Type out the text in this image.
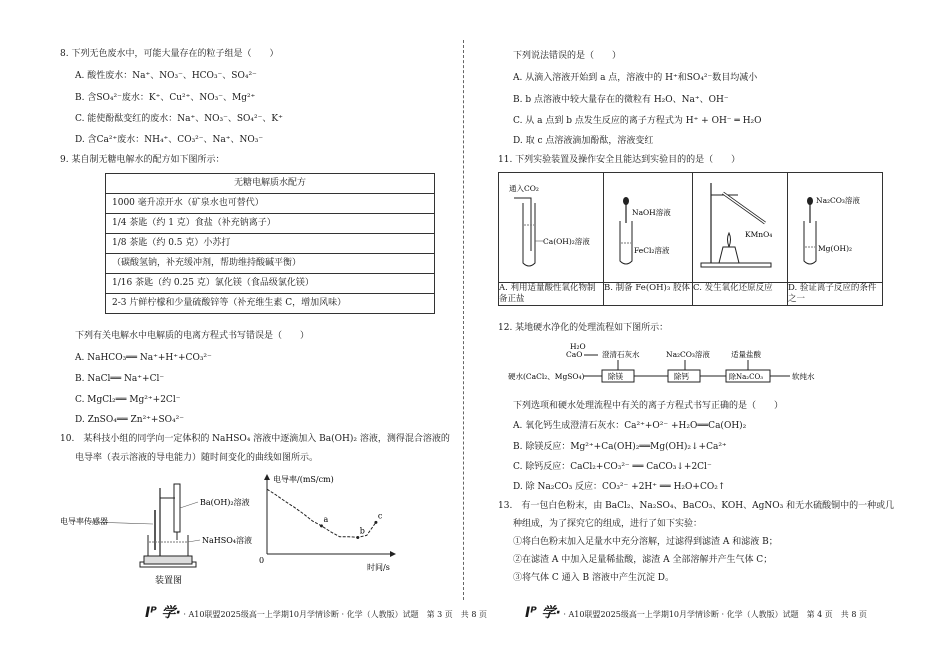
8. 下列无色废水中，可能大量存在的粒子组是（　　）
A. 酸性废水：Na⁺、NO₃⁻、HCO₃⁻、SO₄²⁻
B. 含SO₄²⁻废水：K⁺、Cu²⁺、NO₃⁻、Mg²⁺
C. 能使酚酞变红的废水：Na⁺、NO₃⁻、SO₄²⁻、K⁺
D. 含Ca²⁺废水：NH₄⁺、CO₃²⁻、Na⁺、NO₃⁻
9. 某自制无糖电解水的配方如下图所示：
无糖电解质水配方
1000 毫升凉开水（矿泉水也可替代）
1/4 茶匙（约 1 克）食盐（补充钠离子）
1/8 茶匙（约 0.5 克）小苏打
（碳酸氢钠，补充缓冲剂，帮助维持酸碱平衡）
1/16 茶匙（约 0.25 克）氯化镁（食品级氯化镁）
2-3 片鲜柠檬和少量硫酸锌等（补充维生素 C，增加风味）
下列有关电解水中电解质的电离方程式书写错误是（　　）
A. NaHCO₃══ Na⁺+H⁺+CO₃²⁻
B. NaCl══ Na⁺+Cl⁻
C. MgCl₂══ Mg²⁺+2Cl⁻
D. ZnSO₄══ Zn²⁺+SO₄²⁻
10.　某科技小组的同学向一定体积的 NaHSO₄ 溶液中逐滴加入 Ba(OH)₂ 溶液，测得混合溶液的
电导率（表示溶液的导电能力）随时间变化的曲线如图所示。
Ba(OH)₂溶液
电导率传感器
NaHSO₄溶液
装置图
电导率/(mS/cm)
时间/s
0
a
b
c
Iᴾ 学· · A10联盟2025级高一上学期10月学情诊断 · 化学（人教版）试题　第 3 页　共 8 页
下列说法错误的是（　　）
A. 从滴入溶液开始到 a 点，溶液中的 H⁺和SO₄²⁻数目均减小
B. b 点溶液中较大量存在的微粒有 H₂O、Na⁺、OH⁻
C. 从 a 点到 b 点发生反应的离子方程式为 H⁺ + OH⁻ ═ H₂O
D. 取 c 点溶液滴加酚酞，溶液变红
11. 下列实验装置及操作安全且能达到实验目的的是（　　）
通入CO₂
Ca(OH)₂溶液	NaOH溶液
FeCl₂溶液	KMnO₄	Na₂CO₃溶液
Mg(OH)₂

A. 利用适量酸性氧化物制备正盐	B. 制备 Fe(OH)₃ 胶体	C. 发生氧化还原反应	D. 验证离子反应的条件之一
12. 某地硬水净化的处理流程如下图所示：
H₂O
CaO	澄清石灰水	Na₂CO₃溶液	适量盐酸
硬水(CaCl₂、MgSO₄)	除镁	除钙	除Na₂CO₃	软纯水
下列选项和硬水处理流程中有关的离子方程式书写正确的是（　　）
A. 氧化钙生成澄清石灰水：Ca²⁺+O²⁻ +H₂O══Ca(OH)₂
B. 除镁反应：Mg²⁺+Ca(OH)₂══Mg(OH)₂↓+Ca²⁺
C. 除钙反应：CaCl₂+CO₃²⁻ ══ CaCO₃↓+2Cl⁻
D. 除 Na₂CO₃ 反应：CO₃²⁻ +2H⁺ ══ H₂O+CO₂↑
13.　有一包白色粉末，由 BaCl₂、Na₂SO₄、BaCO₃、KOH、AgNO₃ 和无水硫酸铜中的一种或几
种组成，为了探究它的组成，进行了如下实验：
①将白色粉末加入足量水中充分溶解，过滤得到滤渣 A 和滤液 B；
②在滤渣 A 中加入足量稀盐酸，滤渣 A 全部溶解并产生气体 C；
③将气体 C 通入 B 溶液中产生沉淀 D。
Iᴾ 学· · A10联盟2025级高一上学期10月学情诊断 · 化学（人教版）试题　第 4 页　共 8 页
